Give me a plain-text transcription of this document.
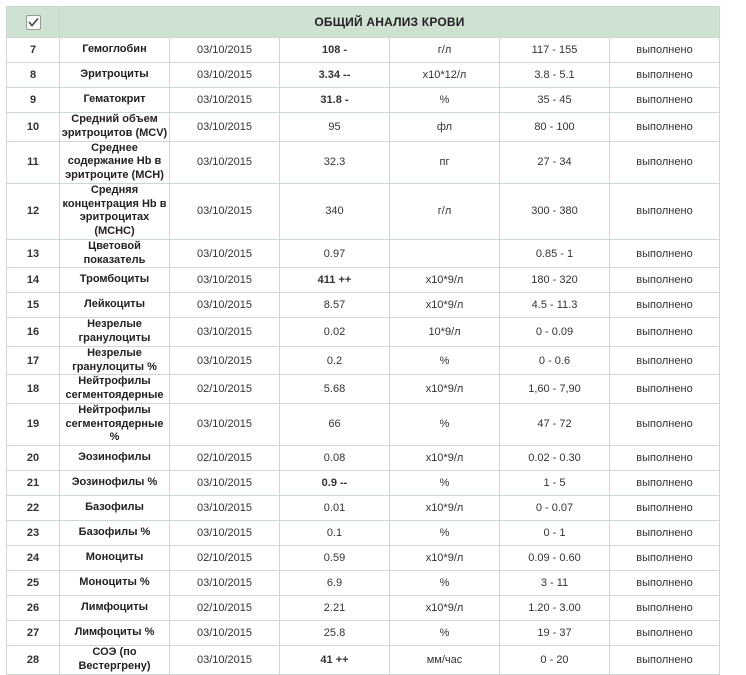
	ОБЩИЙ АНАЛИЗ КРОВИ					
7	Гемоглобин	03/10/2015	108 -	г/л	117 - 155	выполнено
8	Эритроциты	03/10/2015	3.34 --	х10*12/л	3.8 - 5.1	выполнено
9	Гематокрит	03/10/2015	31.8 -	%	35 - 45	выполнено
10	Средний объем эритроцитов (MCV)	03/10/2015	95	фл	80 - 100	выполнено
11	Среднее содержание Hb в эритроците (MCH)	03/10/2015	32.3	пг	27 - 34	выполнено
12	Средняя концентрация Hb в эритроцитах (MCHC)	03/10/2015	340	г/л	300 - 380	выполнено
13	Цветовой показатель	03/10/2015	0.97		0.85 - 1	выполнено
14	Тромбоциты	03/10/2015	411 ++	х10*9/л	180 - 320	выполнено
15	Лейкоциты	03/10/2015	8.57	х10*9/л	4.5 - 11.3	выполнено
16	Незрелые гранулоциты	03/10/2015	0.02	10*9/л	0 - 0.09	выполнено
17	Незрелые гранулоциты %	03/10/2015	0.2	%	0 - 0.6	выполнено
18	Нейтрофилы сегментоядерные	02/10/2015	5.68	х10*9/л	1,60 - 7,90	выполнено
19	Нейтрофилы сегментоядерные %	03/10/2015	66	%	47 - 72	выполнено
20	Эозинофилы	02/10/2015	0.08	х10*9/л	0.02 - 0.30	выполнено
21	Эозинофилы %	03/10/2015	0.9 --	%	1 - 5	выполнено
22	Базофилы	03/10/2015	0.01	х10*9/л	0 - 0.07	выполнено
23	Базофилы %	03/10/2015	0.1	%	0 - 1	выполнено
24	Моноциты	02/10/2015	0.59	х10*9/л	0.09 - 0.60	выполнено
25	Моноциты %	03/10/2015	6.9	%	3 - 11	выполнено
26	Лимфоциты	02/10/2015	2.21	х10*9/л	1.20 - 3.00	выполнено
27	Лимфоциты %	03/10/2015	25.8	%	19 - 37	выполнено
28	СОЭ (по Вестергрену)	03/10/2015	41 ++	мм/час	0 - 20	выполнено
